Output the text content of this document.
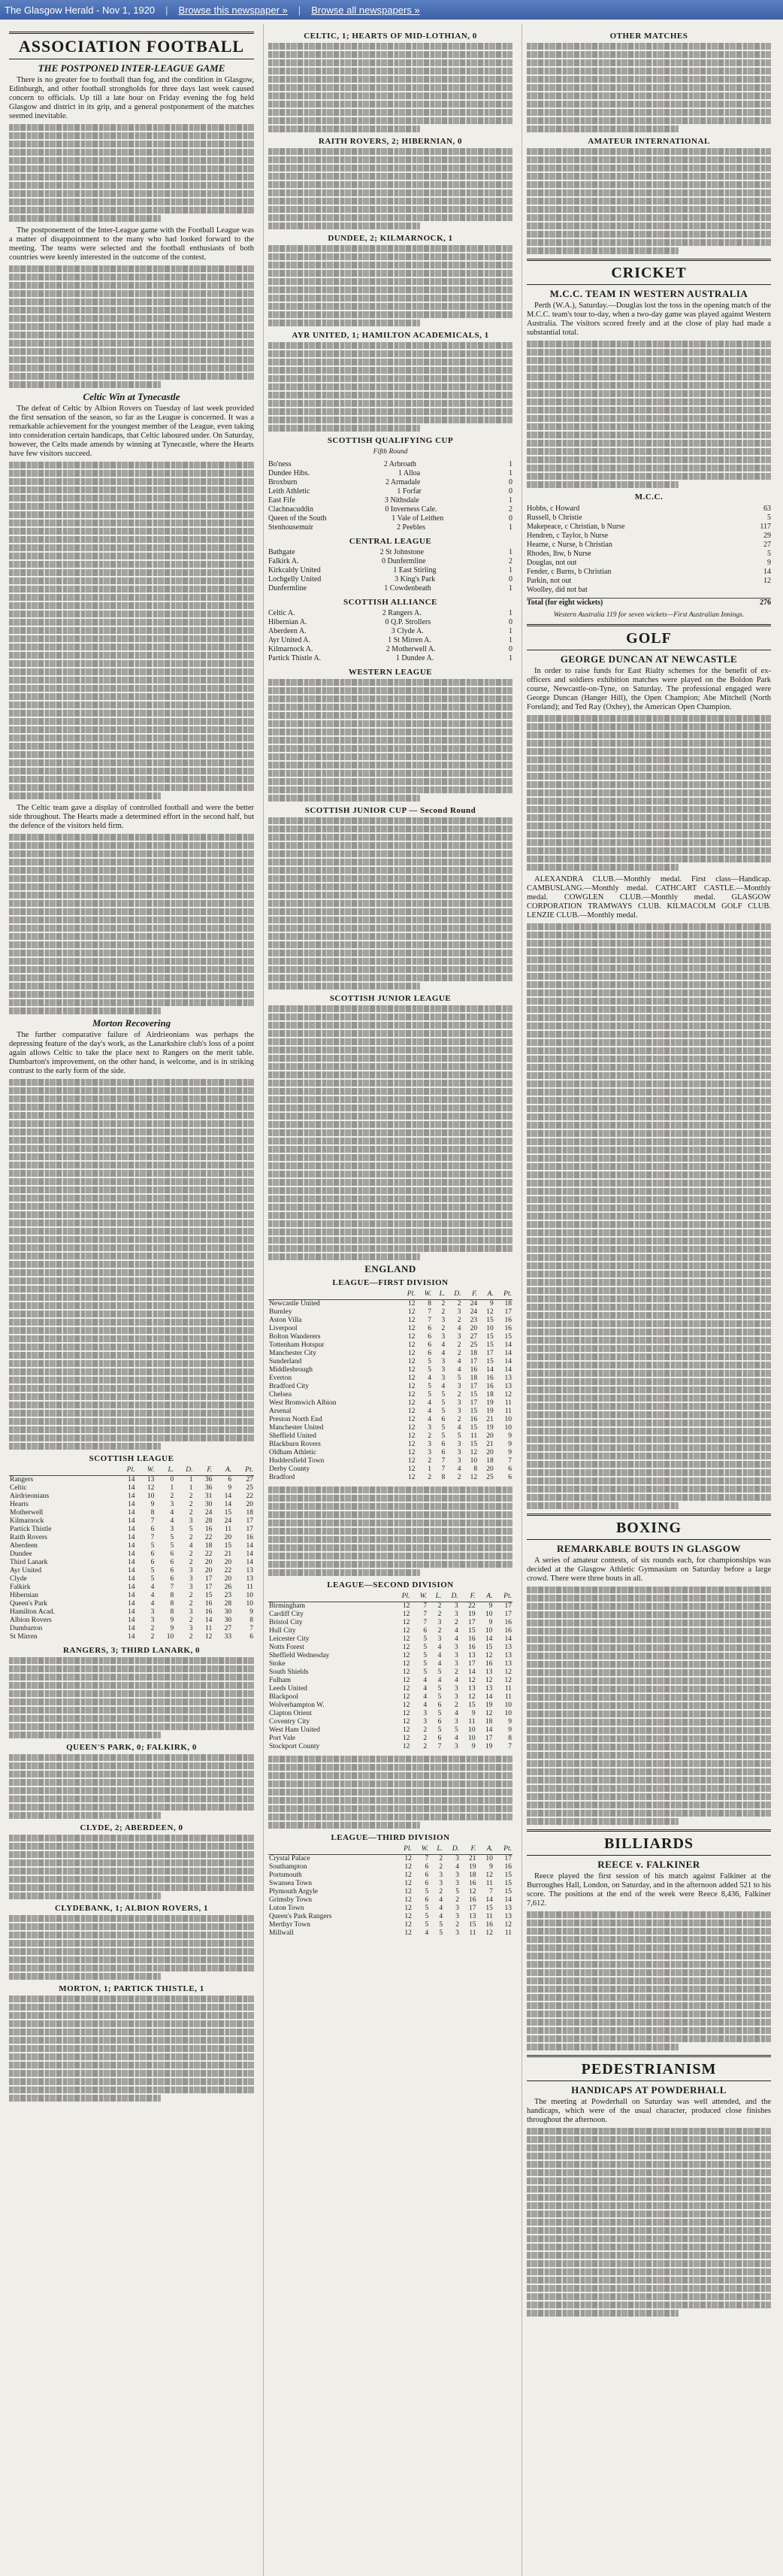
The Glasgow Herald - Nov 1, 1920 | Browse this newspaper » | Browse all newspapers »
ASSOCIATION FOOTBALL
THE POSTPONED INTER-LEAGUE GAME

There is no greater foe to football than fog, and the condition in Glasgow, Edinburgh, and other football strongholds for three days last week caused concern to officials. Up till a late hour on Friday evening the fog held Glasgow and district in its grip, and a general postponement of the matches seemed inevitable.

The postponement of the Inter-League game with the Football League was a matter of disappointment to the many who had looked forward to the meeting. The teams were selected and the football enthusiasts of both countries were keenly interested in the outcome of the contest.

Celtic Win at Tynecastle

The defeat of Celtic by Albion Rovers on Tuesday of last week provided the first sensation of the season, so far as the League is concerned. It was a remarkable achievement for the youngest member of the League, even taking into consideration certain handicaps, that Celtic laboured under. On Saturday, however, the Celts made amends by winning at Tynecastle, where the Hearts have few visitors succeed.

The Celtic team gave a display of controlled football and were the better side throughout. The Hearts made a determined effort in the second half, but the defence of the visitors held firm.

Morton Recovering

The further comparative failure of Airdrieonians was perhaps the depressing feature of the day's work, as the Lanarkshire club's loss of a point again allows Celtic to take the place next to Rangers on the merit table. Dumbarton's improvement, on the other hand, is welcome, and is in striking contrast to the early form of the side.

SCOTTISH LEAGUE
	Pl.	W.	L.	D.	F.	A.	Pt.
Rangers	14	13	0	1	36	6	27
Celtic	14	12	1	1	36	9	25
Airdrieonians	14	10	2	2	31	14	22
Hearts	14	9	3	2	30	14	20
Motherwell	14	8	4	2	24	15	18
Kilmarnock	14	7	4	3	28	24	17
Partick Thistle	14	6	3	5	16	11	17
Raith Rovers	14	7	5	2	22	20	16
Aberdeen	14	5	5	4	18	15	14
Dundee	14	6	6	2	22	21	14
Third Lanark	14	6	6	2	20	20	14
Ayr United	14	5	6	3	20	22	13
Clyde	14	5	6	3	17	20	13
Falkirk	14	4	7	3	17	26	11
Hibernian	14	4	8	2	15	23	10
Queen's Park	14	4	8	2	16	28	10
Hamilton Acad.	14	3	8	3	16	30	9
Albion Rovers	14	3	9	2	14	30	8
Dumbarton	14	2	9	3	11	27	7
St Mirren	14	2	10	2	12	33	6
RANGERS, 3; THIRD LANARK, 0
QUEEN'S PARK, 0; FALKIRK, 0
CLYDE, 2; ABERDEEN, 0
CLYDEBANK, 1; ALBION ROVERS, 1
MORTON, 1; PARTICK THISTLE, 1
CELTIC, 1; HEARTS OF MID-LOTHIAN, 0
RAITH ROVERS, 2; HIBERNIAN, 0
DUNDEE, 2; KILMARNOCK, 1
AYR UNITED, 1; HAMILTON ACADEMICALS, 1
SCOTTISH QUALIFYING CUP
Fifth Round
Bo'ness	2 Arbroath	1
Dundee Hibs.	1 Alloa	1
Broxburn	2 Armadale	0
Leith Athletic	1 Forfar	0
East Fife	3 Nithsdale	1
Clachnacuddin	0 Inverness Cale.	2
Queen of the South	1 Vale of Leithen	0
Stenhousemuir	2 Peebles	1
CENTRAL LEAGUE
Bathgate	2 St Johnstone	1
Falkirk A.	0 Dunfermline	2
Kirkcaldy United	1 East Stirling	1
Lochgelly United	3 King's Park	0
Dunfermline	1 Cowdenbeath	1
SCOTTISH ALLIANCE
Celtic A.	2 Rangers A.	1
Hibernian A.	0 Q.P. Strollers	0
Aberdeen A.	3 Clyde A.	1
Ayr United A.	1 St Mirren A.	1
Kilmarnock A.	2 Motherwell A.	0
Partick Thistle A.	1 Dundee A.	1
WESTERN LEAGUE
SCOTTISH JUNIOR CUP — Second Round
SCOTTISH JUNIOR LEAGUE
ENGLAND
LEAGUE—FIRST DIVISION
	Pl.	W.	L.	D.	F.	A.	Pt.
Newcastle United	12	8	2	2	24	9	18
Burnley	12	7	2	3	24	12	17
Aston Villa	12	7	3	2	23	15	16
Liverpool	12	6	2	4	20	10	16
Bolton Wanderers	12	6	3	3	27	15	15
Tottenham Hotspur	12	6	4	2	25	15	14
Manchester City	12	6	4	2	18	17	14
Sunderland	12	5	3	4	17	15	14
Middlesbrough	12	5	3	4	16	14	14
Everton	12	4	3	5	18	16	13
Bradford City	12	5	4	3	17	16	13
Chelsea	12	5	5	2	15	18	12
West Bromwich Albion	12	4	5	3	17	19	11
Arsenal	12	4	5	3	15	19	11
Preston North End	12	4	6	2	16	21	10
Manchester United	12	3	5	4	15	19	10
Sheffield United	12	2	5	5	11	20	9
Blackburn Rovers	12	3	6	3	15	21	9
Oldham Athletic	12	3	6	3	12	20	9
Huddersfield Town	12	2	7	3	10	18	7
Derby County	12	1	7	4	8	20	6
Bradford	12	2	8	2	12	25	6
LEAGUE—SECOND DIVISION
	Pl.	W.	L.	D.	F.	A.	Pt.
Birmingham	12	7	2	3	22	9	17
Cardiff City	12	7	2	3	19	10	17
Bristol City	12	7	3	2	17	9	16
Hull City	12	6	2	4	15	10	16
Leicester City	12	5	3	4	16	14	14
Notts Forest	12	5	4	3	16	15	13
Sheffield Wednesday	12	5	4	3	13	12	13
Stoke	12	5	4	3	17	16	13
South Shields	12	5	5	2	14	13	12
Fulham	12	4	4	4	12	12	12
Leeds United	12	4	5	3	13	13	11
Blackpool	12	4	5	3	12	14	11
Wolverhampton W.	12	4	6	2	15	19	10
Clapton Orient	12	3	5	4	9	12	10
Coventry City	12	3	6	3	11	18	9
West Ham United	12	2	5	5	10	14	9
Port Vale	12	2	6	4	10	17	8
Stockport County	12	2	7	3	9	19	7
LEAGUE—THIRD DIVISION
	Pl.	W.	L.	D.	F.	A.	Pt.
Crystal Palace	12	7	2	3	21	10	17
Southampton	12	6	2	4	19	9	16
Portsmouth	12	6	3	3	18	12	15
Swansea Town	12	6	3	3	16	11	15
Plymouth Argyle	12	5	2	5	12	7	15
Grimsby Town	12	6	4	2	16	14	14
Luton Town	12	5	4	3	17	15	13
Queen's Park Rangers	12	5	4	3	13	11	13
Merthyr Town	12	5	5	2	15	16	12
Millwall	12	4	5	3	11	12	11
OTHER MATCHES
AMATEUR INTERNATIONAL
CRICKET
M.C.C. TEAM IN WESTERN AUSTRALIA

Perth (W.A.), Saturday.—Douglas lost the toss in the opening match of the M.C.C. team's tour to-day, when a two-day game was played against Western Australia. The visitors scored freely and at the close of play had made a substantial total.

M.C.C.
Hobbs, c Howard	63
Russell, b Christie	5
Makepeace, c Christian, b Nurse	117
Hendren, c Taylor, b Nurse	29
Hearne, c Nurse, b Christian	27
Rhodes, lbw, b Nurse	5
Douglas, not out	9
Fender, c Burns, b Christian	14
Parkin, not out	12
Woolley, did not bat
Total (for eight wickets)	276

Western Australia 119 for seven wickets—First Australian Innings.

GOLF
GEORGE DUNCAN AT NEWCASTLE

In order to raise funds for East Rialty schemes for the benefit of ex-officers and soldiers exhibition matches were played on the Boldon Park course, Newcastle-on-Tyne, on Saturday. The professional engaged were George Duncan (Hanger Hill), the Open Champion; Abe Mitchell (North Foreland); and Ted Ray (Oxhey), the American Open Champion.

ALEXANDRA CLUB.—Monthly medal. First class—Handicap. CAMBUSLANG.—Monthly medal. CATHCART CASTLE.—Monthly medal. COWGLEN CLUB.—Monthly medal. GLASGOW CORPORATION TRAMWAYS CLUB. KILMACOLM GOLF CLUB. LENZIE CLUB.—Monthly medal.

BOXING
REMARKABLE BOUTS IN GLASGOW

A series of amateur contests, of six rounds each, for championships was decided at the Glasgow Athletic Gymnasium on Saturday before a large crowd. There were three bouts in all.

BILLIARDS
REECE v. FALKINER

Reece played the first session of his match against Falkiner at the Burroughes Hall, London, on Saturday, and in the afternoon added 521 to his score. The positions at the end of the week were Reece 8,436, Falkiner 7,612.

PEDESTRIANISM
HANDICAPS AT POWDERHALL

The meeting at Powderhall on Saturday was well attended, and the handicaps, which were of the usual character, produced close finishes throughout the afternoon.
